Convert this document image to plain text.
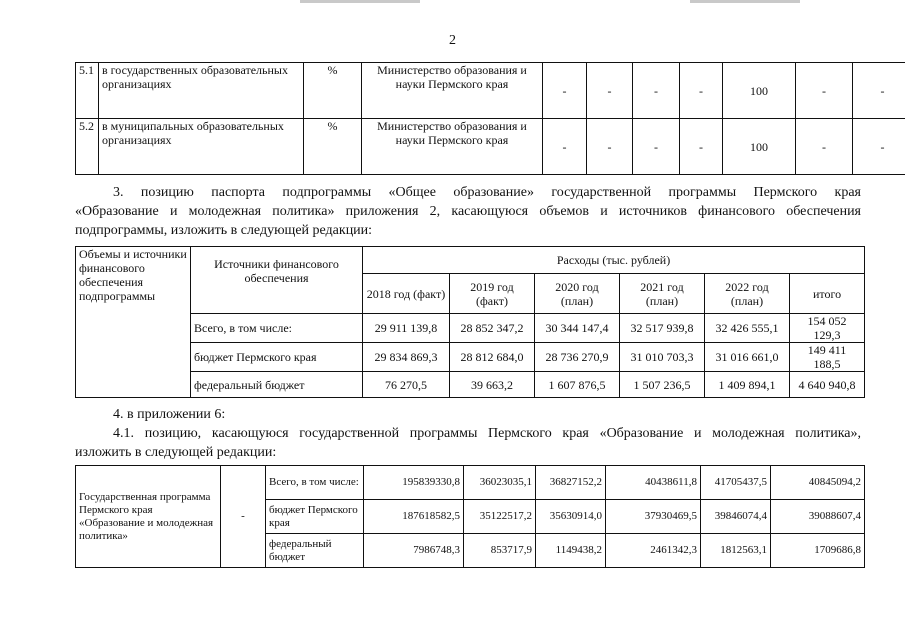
2
5.1	в государственных образовательных организациях	%	Министерство образования и науки Пермского края	-	-	-	-	100	-	-
5.2	в муниципальных образовательных организациях	%	Министерство образования и науки Пермского края	-	-	-	-	100	-	-

3. позицию паспорта подпрограммы «Общее образование» государственной программы Пермского края

«Образование и молодежная политика» приложения 2, касающуюся объемов и источников финансового обеспечения

подпрограммы, изложить в следующей редакции:

Объемы и источники финансового обеспечения подпрограммы	Источники финансового обеспечения	Расходы (тыс. рублей)					
		2018 год (факт)	2019 год (факт)	2020 год (план)	2021 год (план)	2022 год (план)	итого
	Всего, в том числе:	29 911 139,8	28 852 347,2	30 344 147,4	32 517 939,8	32 426 555,1	154 052 129,3
	бюджет Пермского края	29 834 869,3	28 812 684,0	28 736 270,9	31 010 703,3	31 016 661,0	149 411 188,5
	федеральный бюджет	76 270,5	39 663,2	1 607 876,5	1 507 236,5	1 409 894,1	4 640 940,8

4. в приложении 6:

4.1. позицию, касающуюся государственной программы Пермского края «Образование и молодежная политика»,

изложить в следующей редакции:

Государственная программа Пермского края «Образование и молодежная политика»	-	Всего, в том числе:	195839330,8	36023035,1	36827152,2	40438611,8	41705437,5	40845094,2
		бюджет Пермского края	187618582,5	35122517,2	35630914,0	37930469,5	39846074,4	39088607,4
		федеральный бюджет	7986748,3	853717,9	1149438,2	2461342,3	1812563,1	1709686,8
